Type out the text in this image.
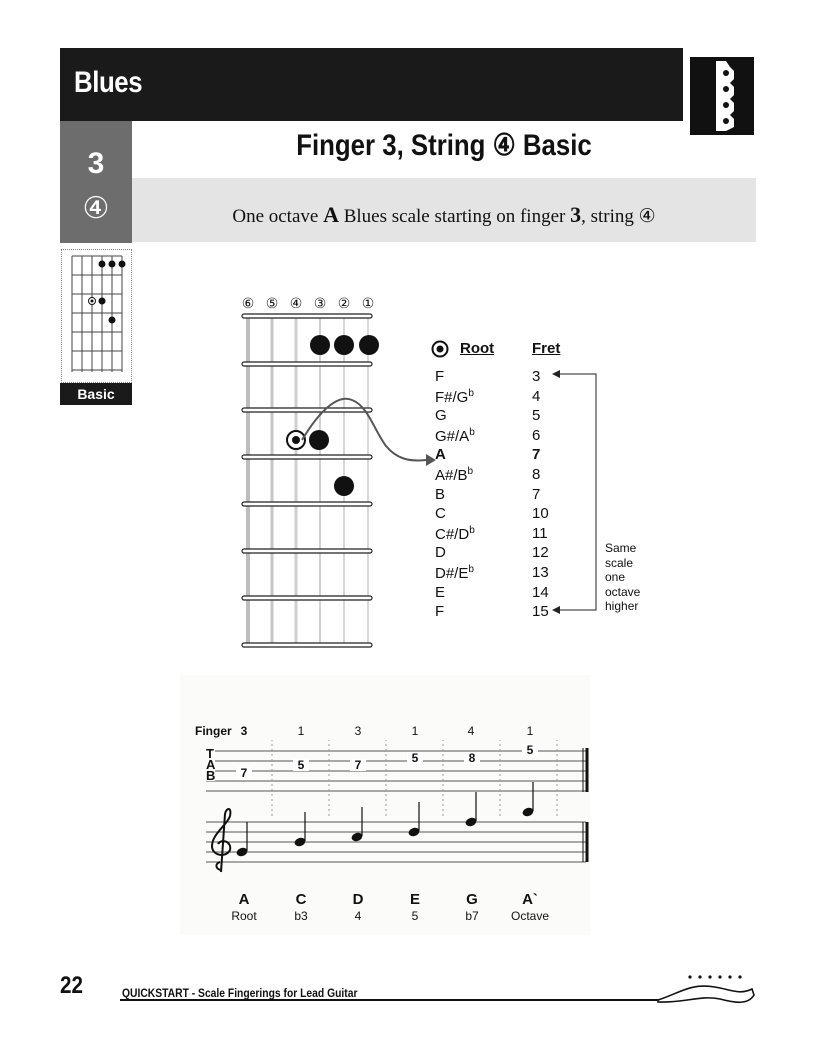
Blues
3
④
Finger 3, String ④ Basic
One octave A Blues scale starting on finger 3, string ④
Basic
⑥ ⑤ ④ ③ ② ①
Root	Fret
F	3
$F\#/G^b$	4
G	5
$G\#/A^b$	6
A	7
$A\#/B^b$	8
B	7
C	10
$C\#/D^b$	11
D	12
$D\#/E^b$	13
E	14
F	15
Same
scale
one
octave
higher
T
A
B
Finger 3	1	3	1	4	1
7
5	7	5	8
5
A	C	D	E	G	A`
Root	b3	4	5	b7	Octave
22	QUICKSTART - Scale Fingerings for Lead Guitar
